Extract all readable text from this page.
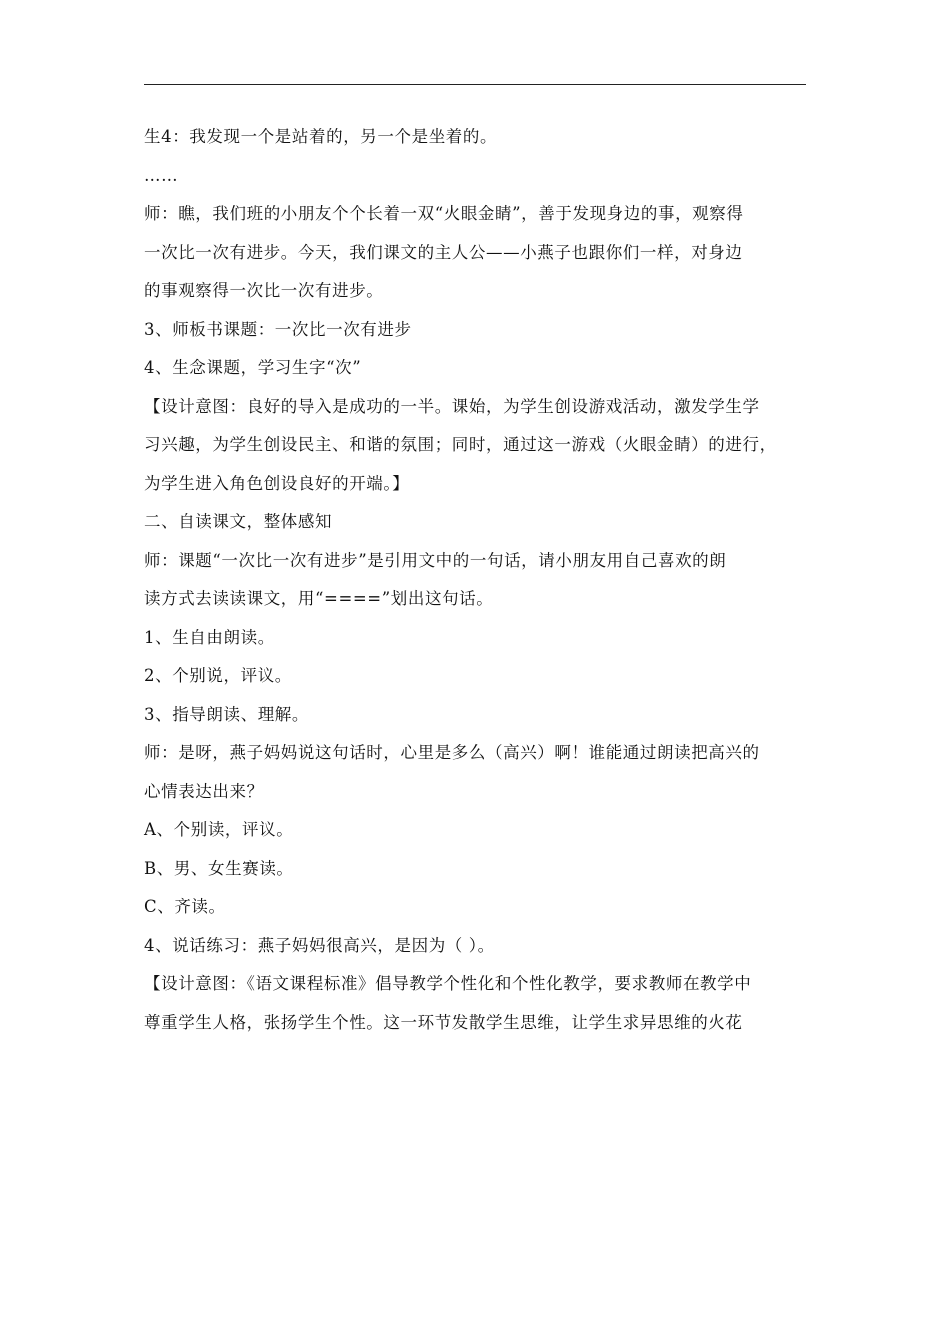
生4：我发现一个是站着的，另一个是坐着的。

……

师：瞧，我们班的小朋友个个长着一双“火眼金睛”，善于发现身边的事，观察得

一次比一次有进步。今天，我们课文的主人公——小燕子也跟你们一样，对身边

的事观察得一次比一次有进步。

3、师板书课题：一次比一次有进步

4、生念课题，学习生字“次”

【设计意图：良好的导入是成功的一半。课始，为学生创设游戏活动，激发学生学

习兴趣，为学生创设民主、和谐的氛围；同时，通过这一游戏（火眼金睛）的进行，

为学生进入角色创设良好的开端。】

二、自读课文，整体感知

师：课题“一次比一次有进步”是引用文中的一句话，请小朋友用自己喜欢的朗

读方式去读读课文，用“====”划出这句话。

1、生自由朗读。

2、个别说，评议。

3、指导朗读、理解。

师：是呀，燕子妈妈说这句话时，心里是多么（高兴）啊！谁能通过朗读把高兴的

心情表达出来？

A、个别读，评议。

B、男、女生赛读。

C、齐读。

4、说话练习：燕子妈妈很高兴，是因为（ ）。

【设计意图：《语文课程标准》倡导教学个性化和个性化教学，要求教师在教学中

尊重学生人格，张扬学生个性。这一环节发散学生思维，让学生求异思维的火花
